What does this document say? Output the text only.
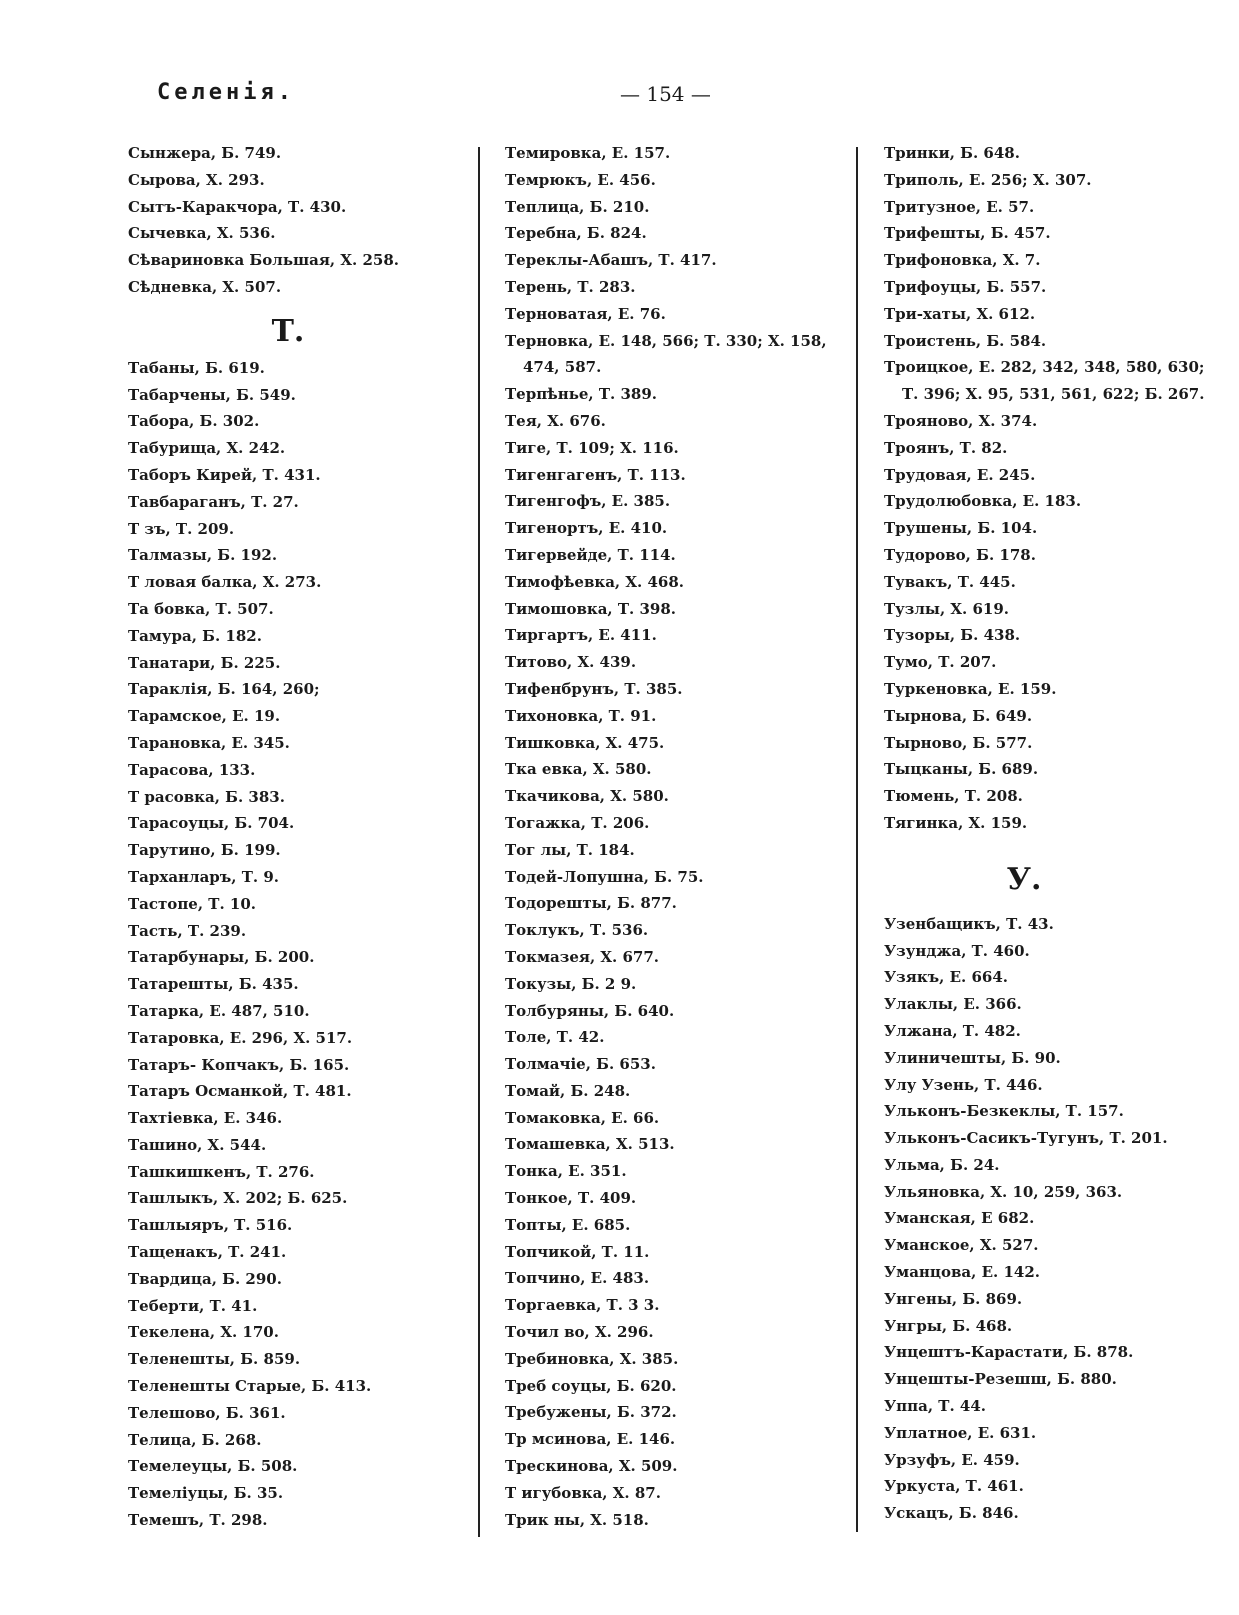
Селенія.	— 154 —
Сынжера, Б. 749.
Сырова, Х. 293.
Сытъ-Каракчора, Т. 430.
Сычевка, Х. 536.
Сѣвариновка Большая, Х. 258.
Сѣдневка, Х. 507.
Т.
Табаны, Б. 619.
Табарчены, Б. 549.
Табора, Б. 302.
Табурища, Х. 242.
Таборъ Кирей, Т. 431.
Тавбараганъ, Т. 27.
Т зъ, Т. 209.
Талмазы, Б. 192.
Т ловая балка, Х. 273.
Та бовка, Т. 507.
Тамура, Б. 182.
Танатари, Б. 225.
Тараклія, Б. 164, 260;
Тарамское, Е. 19.
Тарановка, Е. 345.
Тарасова, 133.
Т расовка, Б. 383.
Тарасоуцы, Б. 704.
Тарутино, Б. 199.
Тарханларъ, Т. 9.
Тастопе, Т. 10.
Тасть, Т. 239.
Татарбунары, Б. 200.
Татарешты, Б. 435.
Татарка, Е. 487, 510.
Татаровка, Е. 296, Х. 517.
Татаръ- Копчакъ, Б. 165.
Татаръ Османкой, Т. 481.
Тахтіевка, Е. 346.
Ташино, Х. 544.
Ташкишкенъ, Т. 276.
Ташлыкъ, Х. 202; Б. 625.
Ташлыяръ, Т. 516.
Тащенакъ, Т. 241.
Твардица, Б. 290.
Теберти, Т. 41.
Текелена, Х. 170.
Теленешты, Б. 859.
Теленешты Старые, Б. 413.
Телешово, Б. 361.
Телица, Б. 268.
Темелеуцы, Б. 508.
Темеліуцы, Б. 35.
Темешъ, Т. 298.
Темировка, Е. 157.
Темрюкъ, Е. 456.
Теплица, Б. 210.
Теребна, Б. 824.
Тереклы-Абашъ, Т. 417.
Терень, Т. 283.
Терноватая, Е. 76.
Терновка, Е. 148, 566; Т. 330; Х. 158,
474, 587.
Терпѣнье, Т. 389.
Тея, Х. 676.
Тиге, Т. 109; Х. 116.
Тигенгагенъ, Т. 113.
Тигенгофъ, Е. 385.
Тигенортъ, Е. 410.
Тигервейде, Т. 114.
Тимофѣевка, Х. 468.
Тимошовка, Т. 398.
Тиргартъ, Е. 411.
Титово, Х. 439.
Тифенбрунъ, Т. 385.
Тихоновка, Т. 91.
Тишковка, Х. 475.
Тка евка, Х. 580.
Ткачикова, Х. 580.
Тогажка, Т. 206.
Тог лы, Т. 184.
Тодей-Лопушна, Б. 75.
Тодорешты, Б. 877.
Токлукъ, Т. 536.
Токмазея, Х. 677.
Токузы, Б. 2 9.
Толбуряны, Б. 640.
Толе, Т. 42.
Толмачіе, Б. 653.
Томай, Б. 248.
Томаковка, Е. 66.
Томашевка, Х. 513.
Тонка, Е. 351.
Тонкое, Т. 409.
Топты, Е. 685.
Топчикой, Т. 11.
Топчино, Е. 483.
Торгаевка, Т. 3 3.
Точил во, Х. 296.
Требиновка, Х. 385.
Треб соуцы, Б. 620.
Требужены, Б. 372.
Тр мсинова, Е. 146.
Трескинова, Х. 509.
Т игубовка, Х. 87.
Трик ны, Х. 518.
Тринки, Б. 648.
Триполь, Е. 256; Х. 307.
Тритузное, Е. 57.
Трифешты, Б. 457.
Трифоновка, Х. 7.
Трифоуцы, Б. 557.
Три-хаты, Х. 612.
Троистень, Б. 584.
Троицкое, Е. 282, 342, 348, 580, 630;
Т. 396; Х. 95, 531, 561, 622; Б. 267.
Трояново, Х. 374.
Троянъ, Т. 82.
Трудовая, Е. 245.
Трудолюбовка, Е. 183.
Трушены, Б. 104.
Тудорово, Б. 178.
Тувакъ, Т. 445.
Тузлы, Х. 619.
Тузоры, Б. 438.
Тумо, Т. 207.
Туркеновка, Е. 159.
Тырнова, Б. 649.
Тырново, Б. 577.
Тыцканы, Б. 689.
Тюмень, Т. 208.
Тягинка, Х. 159.
У.
Узенбащикъ, Т. 43.
Узунджа, Т. 460.
Узякъ, Е. 664.
Улаклы, Е. 366.
Улжана, Т. 482.
Улиничешты, Б. 90.
Улу Узень, Т. 446.
Ульконъ-Безкеклы, Т. 157.
Ульконъ-Сасикъ-Тугунъ, Т. 201.
Ульма, Б. 24.
Ульяновка, Х. 10, 259, 363.
Уманская, Е 682.
Уманское, Х. 527.
Уманцова, Е. 142.
Унгены, Б. 869.
Унгры, Б. 468.
Унцештъ-Карастати, Б. 878.
Унцешты-Резешш, Б. 880.
Уппа, Т. 44.
Уплатное, Е. 631.
Урзуфъ, Е. 459.
Уркуста, Т. 461.
Ускацъ, Б. 846.
